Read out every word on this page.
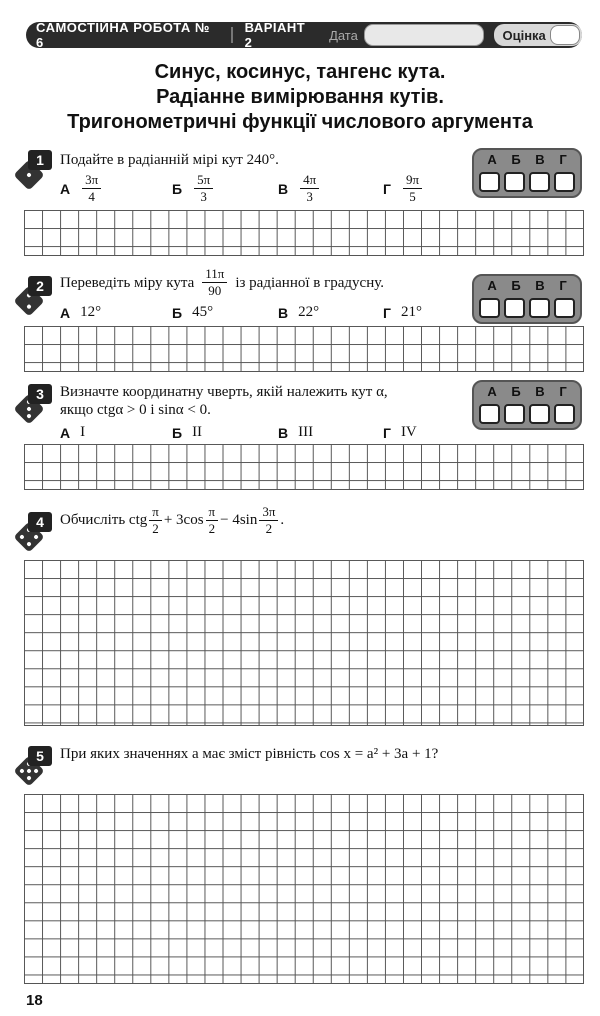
САМОСТІЙНА РОБОТА № 6
ВАРІАНТ 2	Дата	Оцінка
Синус, косинус, тангенс кута.
Радіанне вимірювання кутів.
Тригонометричні функції числового аргумента
1	Подайте в радіанній мірі кут 240°.
А $\frac{3\pi}{4}$	Б $\frac{5\pi}{3}$	В $\frac{4\pi}{3}$	Г $\frac{9\pi}{5}$
А Б В Г
2	Переведіть міру кута $\frac{11\pi}{90}$ із радіанної в градусну.
А 12°	Б 45°	В 22°	Г 21°
А Б В Г
3	Визначте координатну чверть, якій належить кут α,
якщо ctgα > 0 і sinα < 0.
А I	Б II	В III	Г IV
А Б В Г
4	Обчисліть ctg $\frac{\pi}{2} + 3\cos \frac{\pi}{2} - 4\sin \frac{3\pi}{2}$ .
5	При яких значеннях a має зміст рівність cos x = a² + 3a + 1?
18
